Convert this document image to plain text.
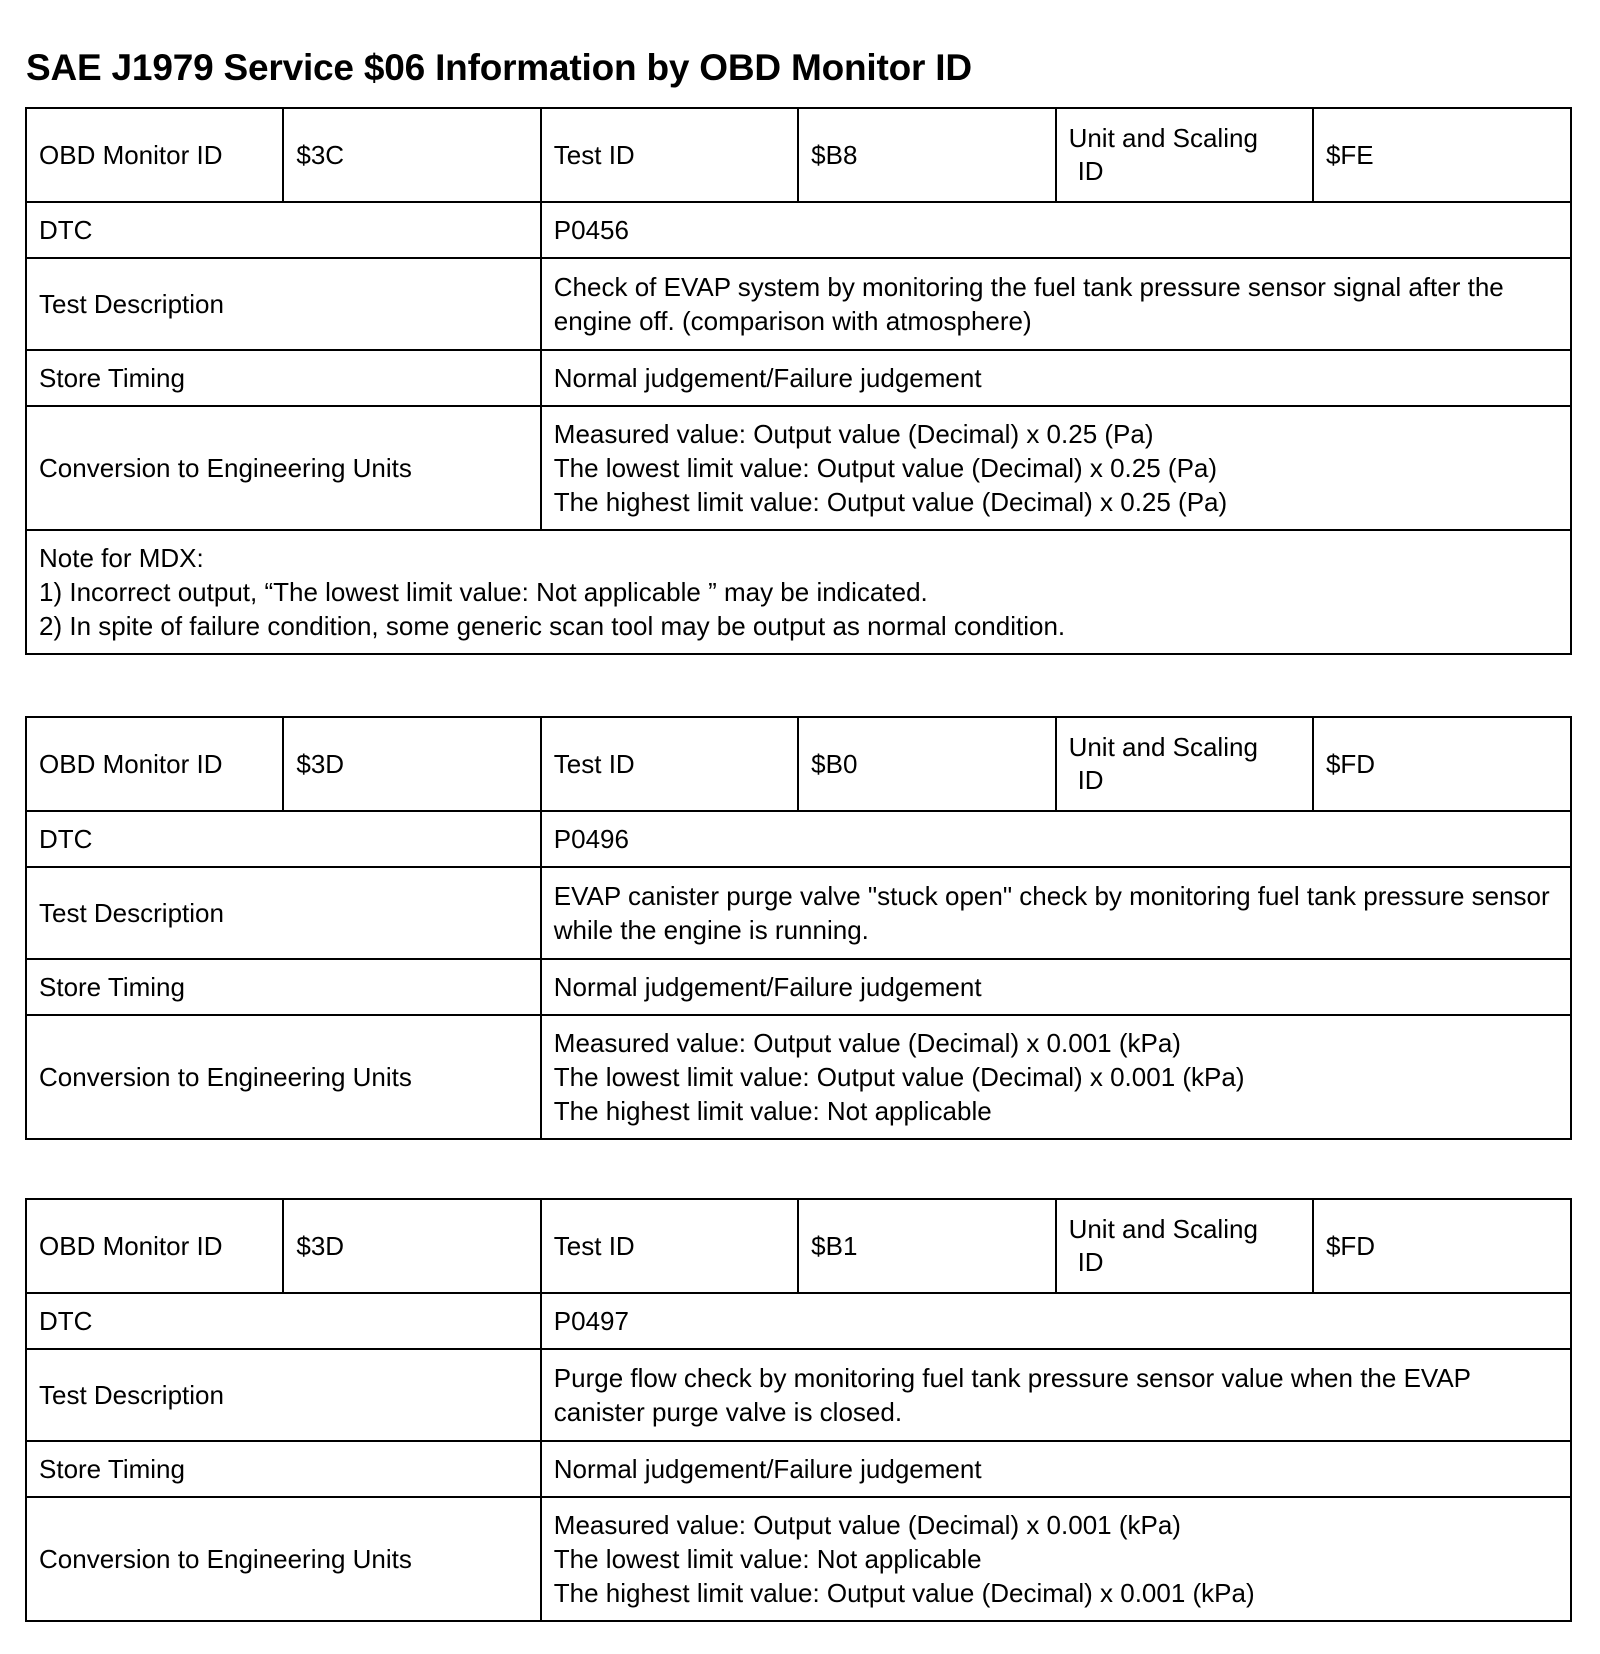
SAE J1979 Service $06 Information by OBD Monitor ID
OBD Monitor ID	$3C	Test ID	$B8	Unit and Scaling
ID	$FE
DTC		P0456			
Test Description		Check of EVAP system by monitoring the fuel tank pressure sensor signal after the engine off. (comparison with atmosphere)			
Store Timing		Normal judgement/Failure judgement			
Conversion to Engineering Units		Measured value: Output value (Decimal) x 0.25 (Pa)
The lowest limit value: Output value (Decimal) x 0.25 (Pa)
The highest limit value: Output value (Decimal) x 0.25 (Pa)			

Note for MDX:
1) Incorrect output, “The lowest limit value: Not applicable ” may be indicated.
2) In spite of failure condition, some generic scan tool may be output as normal condition.					
OBD Monitor ID	$3D	Test ID	$B0	Unit and Scaling
ID	$FD
DTC		P0496			
Test Description		EVAP canister purge valve "stuck open" check by monitoring fuel tank pressure sensor while the engine is running.			
Store Timing		Normal judgement/Failure judgement			
Conversion to Engineering Units		Measured value: Output value (Decimal) x 0.001 (kPa)
The lowest limit value: Output value (Decimal) x 0.001 (kPa)
The highest limit value: Not applicable			
OBD Monitor ID	$3D	Test ID	$B1	Unit and Scaling
ID	$FD
DTC		P0497			
Test Description		Purge flow check by monitoring fuel tank pressure sensor value when the EVAP canister purge valve is closed.			
Store Timing		Normal judgement/Failure judgement			
Conversion to Engineering Units		Measured value: Output value (Decimal) x 0.001 (kPa)
The lowest limit value: Not applicable
The highest limit value: Output value (Decimal) x 0.001 (kPa)			
